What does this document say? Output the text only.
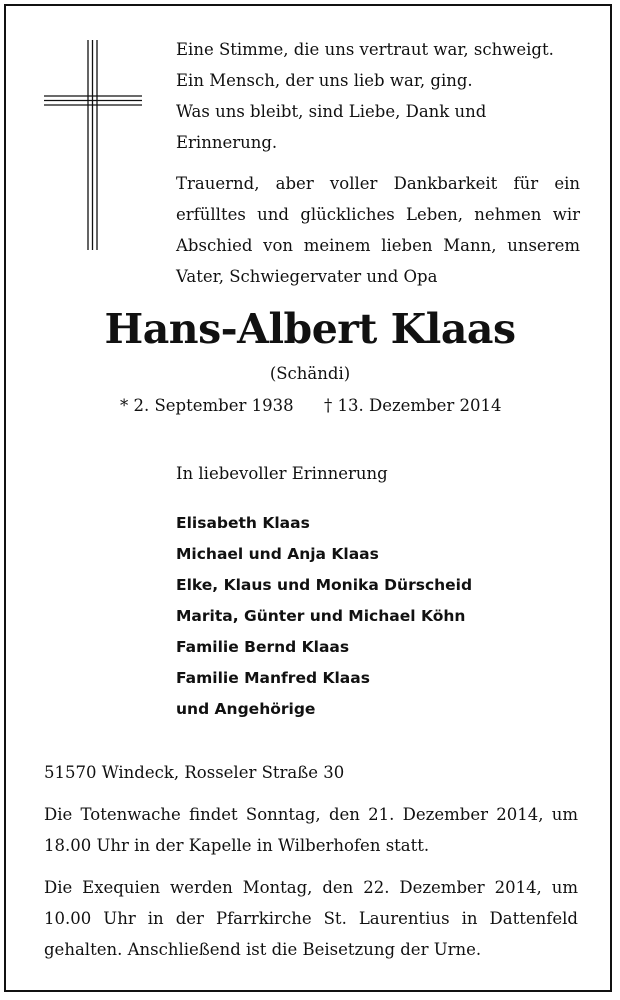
Eine Stimme, die uns vertraut war, schweigt.

Ein Mensch, der uns lieb war, ging.

Was uns bleibt, sind Liebe, Dank und Erinnerung.

Trauernd, aber voller Dankbarkeit für ein erfülltes und glückliches Leben, nehmen wir Abschied von meinem lieben Mann, unserem Vater, Schwiegervater und Opa

Hans-Albert Klaas
(Schändi)
* 2. September 1938 † 13. Dezember 2014
In liebevoller Erinnerung
Elisabeth Klaas
Michael und Anja Klaas
Elke, Klaus und Monika Dürscheid
Marita, Günter und Michael Köhn
Familie Bernd Klaas
Familie Manfred Klaas
und Angehörige

51570 Windeck, Rosseler Straße 30

Die Totenwache findet Sonntag, den 21. Dezember 2014, um 18.00 Uhr in der Kapelle in Wilberhofen statt.

Die Exequien werden Montag, den 22. Dezember 2014, um 10.00 Uhr in der Pfarrkirche St. Laurentius in Dattenfeld gehalten. Anschließend ist die Beisetzung der Urne.
